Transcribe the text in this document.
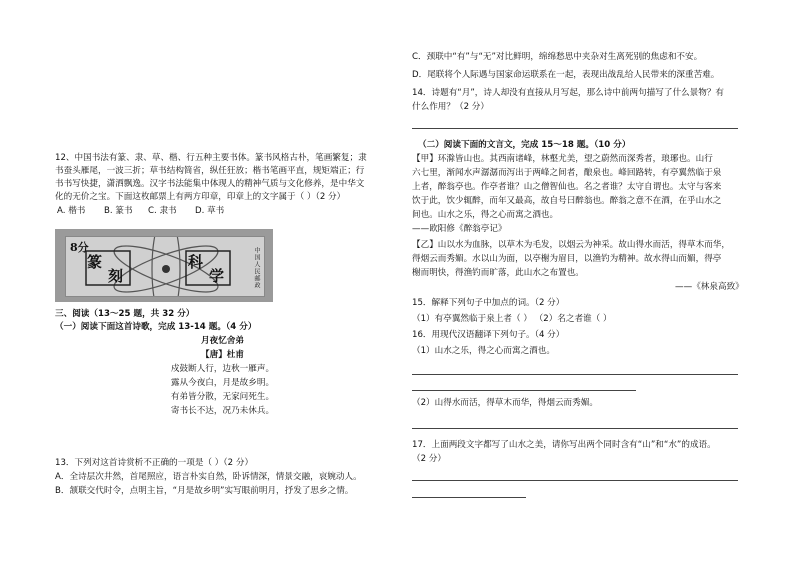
12、中国书法有篆、隶、草、楷、行五种主要书体。篆书风格古朴，笔画繁复；隶
书蚕头雁尾，一波三折；草书结构简省，纵任狂放；楷书笔画平直，规矩端正；行
书书写快捷，潇洒飘逸。汉字书法能集中体现人的精神气质与文化修养，是中华文
化的无价之宝。下面这枚邮票上有两方印章，印章上的文字属于（ ）（2 分）
A. 楷书 B. 篆书 C. 隶书 D. 草书
8分
篆
刻
科
学	中国人民邮政
三、阅读（13～25 题，共 32 分）
（一）阅读下面这首诗歌，完成 13-14 题。（4 分）
月夜忆舍弟
【唐】杜甫
戍鼓断人行，边秋一雁声。
露从今夜白，月是故乡明。
有弟皆分散，无家问死生。
寄书长不达，况乃未休兵。
13．下列对这首诗赏析不正确的一项是（ ）（2 分）
A．全诗层次井然，首尾照应，语言朴实自然，卧诉情深，情景交融，哀婉动人。
B．颔联交代时令，点明主旨，“月是故乡明”实写眼前明月，抒发了思乡之情。
C．颈联中“有”与“无”对比鲜明，绵绵愁思中夹杂对生离死别的焦虑和不安。
D．尾联将个人际遇与国家命运联系在一起，表现出战乱给人民带来的深重苦难。
14．诗题有“月”，诗人却没有直接从月写起，那么诗中前两句描写了什么景物？有
什么作用？（2 分）
（二）阅读下面的文言文，完成 15～18 题。（10 分）
【甲】环滁皆山也。其西南诸峰，林壑尤美，望之蔚然而深秀者，琅琊也。山行
六七里，渐闻水声潺潺而泻出于两峰之间者，酿泉也。峰回路转，有亭翼然临于泉
上者，醉翁亭也。作亭者谁？山之僧智仙也。名之者谁？太守自谓也。太守与客来
饮于此，饮少辄醉，而年又最高，故自号曰醉翁也。醉翁之意不在酒，在乎山水之
间也。山水之乐，得之心而寓之酒也。
——欧阳修《醉翁亭记》
【乙】山以水为血脉，以草木为毛发，以烟云为神采。故山得水而活，得草木而华，
得烟云而秀媚。水以山为面，以亭榭为眉目，以渔钓为精神。故水得山而媚，得亭
榭而明快，得渔钓而旷落，此山水之布置也。
——《林泉高致》
15．解释下列句子中加点的词。（2 分）
（1）有亭翼然临于泉上者（ ） （2）名之者谁（ ）
16．用现代汉语翻译下列句子。（4 分）
（1）山水之乐，得之心而寓之酒也。
（2）山得水而活，得草木而华，得烟云而秀媚。
17．上面两段文字都写了山水之美，请你写出两个同时含有“山”和“水”的成语。
（2 分）
